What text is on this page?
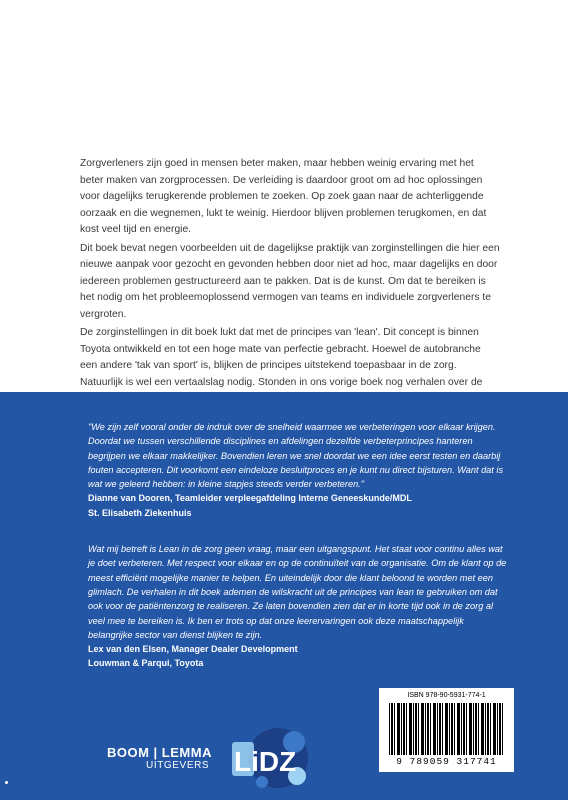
Zorgverleners zijn goed in mensen beter maken, maar hebben weinig ervaring met het beter maken van zorgprocessen. De verleiding is daardoor groot om ad hoc oplossingen voor dagelijks terugkerende problemen te zoeken. Op zoek gaan naar de achterliggende oorzaak en die wegnemen, lukt te weinig. Hierdoor blijven problemen terugkomen, en dat kost veel tijd en energie.

Dit boek bevat negen voorbeelden uit de dagelijkse praktijk van zorginstellingen die hier een nieuwe aanpak voor gezocht en gevonden hebben door niet ad hoc, maar dagelijks en door iedereen problemen gestructureerd aan te pakken. Dat is de kunst. Om dat te bereiken is het nodig om het probleemoplossend vermogen van teams en individuele zorgverleners te vergroten.

De zorginstellingen in dit boek lukt dat met de principes van 'lean'. Dit concept is binnen Toyota ontwikkeld en tot een hoge mate van perfectie gebracht. Hoewel de autobranche een andere 'tak van sport' is, blijken de principes uitstekend toepasbaar in de zorg. Natuurlijk is wel een vertaalslag nodig. Stonden in ons vorige boek nog verhalen over de

"We zijn zelf vooral onder de indruk over de snelheid waarmee we verbeteringen voor elkaar krijgen. Doordat we tussen verschillende disciplines en afdelingen dezelfde verbeterprincipes hanteren begrijpen we elkaar makkelijker. Bovendien leren we snel doordat we een idee eerst testen en daarbij fouten accepteren. Dit voorkomt een eindeloze besluitproces en je kunt nu direct bijsturen. Want dat is wat we geleerd hebben: in kleine stapjes steeds verder verbeteren."

Dianne van Dooren, Teamleider verpleegafdeling Interne Geneeskunde/MDL

St. Elisabeth Ziekenhuis

Wat mij betreft is Lean in de zorg geen vraag, maar een uitgangspunt. Het staat voor continu alles wat je doet verbeteren. Met respect voor elkaar en op de continuïteit van de organisatie. Om de klant op de meest efficiënt mogelijke manier te helpen. En uiteindelijk door die klant beloond te worden met een glimlach. De verhalen in dit boek ademen de wilskracht uit de principes van lean te gebruiken om dat ook voor de patiëntenzorg te realiseren. Ze laten bovendien zien dat er in korte tijd ook in de zorg al veel mee te bereiken is. Ik ben er trots op dat onze leerervaringen ook deze maatschappelijk belangrijke sector van dienst blijken te zijn.

Lex van den Elsen, Manager Dealer Development

Louwman & Parqui, Toyota

ISBN 978-90-5931-774-1
9 789059 317741
BOOM | LEMMA
UITGEVERS LiDZ
